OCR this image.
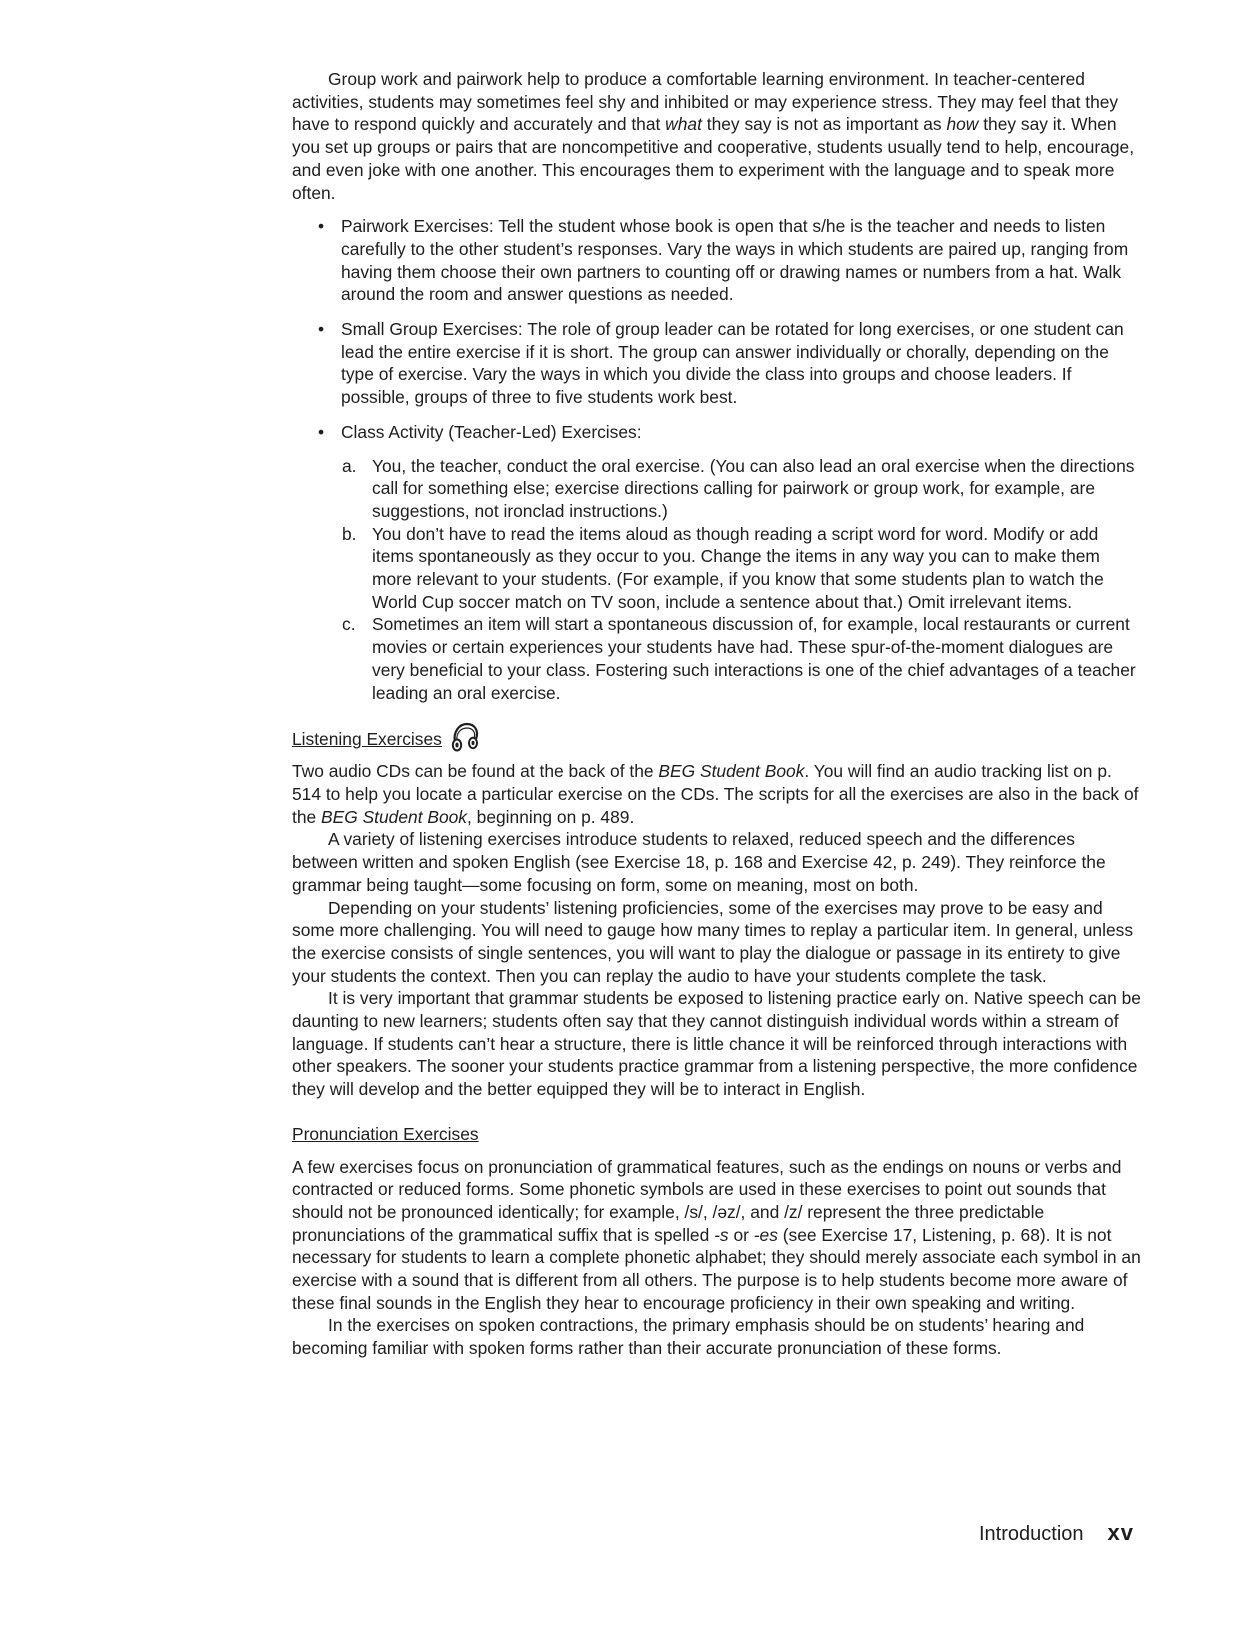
Group work and pairwork help to produce a comfortable learning environment. In teacher-centered activities, students may sometimes feel shy and inhibited or may experience stress. They may feel that they have to respond quickly and accurately and that what they say is not as important as how they say it. When you set up groups or pairs that are noncompetitive and cooperative, students usually tend to help, encourage, and even joke with one another. This encourages them to experiment with the language and to speak more often.

• Pairwork Exercises: Tell the student whose book is open that s/he is the teacher and needs to listen carefully to the other student’s responses. Vary the ways in which students are paired up, ranging from having them choose their own partners to counting off or drawing names or numbers from a hat. Walk around the room and answer questions as needed.
• Small Group Exercises: The role of group leader can be rotated for long exercises, or one student can lead the entire exercise if it is short. The group can answer individually or chorally, depending on the type of exercise. Vary the ways in which you divide the class into groups and choose leaders. If possible, groups of three to five students work best.
• Class Activity (Teacher-Led) Exercises:
a. You, the teacher, conduct the oral exercise. (You can also lead an oral exercise when the directions call for something else; exercise directions calling for pairwork or group work, for example, are suggestions, not ironclad instructions.)
b. You don’t have to read the items aloud as though reading a script word for word. Modify or add items spontaneously as they occur to you. Change the items in any way you can to make them more relevant to your students. (For example, if you know that some students plan to watch the World Cup soccer match on TV soon, include a sentence about that.) Omit irrelevant items.
c. Sometimes an item will start a spontaneous discussion of, for example, local restaurants or current movies or certain experiences your students have had. These spur-of-the-moment dialogues are very beneficial to your class. Fostering such interactions is one of the chief advantages of a teacher leading an oral exercise.
Listening Exercises

Two audio CDs can be found at the back of the BEG Student Book. You will find an audio tracking list on p. 514 to help you locate a particular exercise on the CDs. The scripts for all the exercises are also in the back of the BEG Student Book, beginning on p. 489.

A variety of listening exercises introduce students to relaxed, reduced speech and the differences between written and spoken English (see Exercise 18, p. 168 and Exercise 42, p. 249). They reinforce the grammar being taught—some focusing on form, some on meaning, most on both.

Depending on your students’ listening proficiencies, some of the exercises may prove to be easy and some more challenging. You will need to gauge how many times to replay a particular item. In general, unless the exercise consists of single sentences, you will want to play the dialogue or passage in its entirety to give your students the context. Then you can replay the audio to have your students complete the task.

It is very important that grammar students be exposed to listening practice early on. Native speech can be daunting to new learners; students often say that they cannot distinguish individual words within a stream of language. If students can’t hear a structure, there is little chance it will be reinforced through interactions with other speakers. The sooner your students practice grammar from a listening perspective, the more confidence they will develop and the better equipped they will be to interact in English.

Pronunciation Exercises

A few exercises focus on pronunciation of grammatical features, such as the endings on nouns or verbs and contracted or reduced forms. Some phonetic symbols are used in these exercises to point out sounds that should not be pronounced identically; for example, /s/, /əz/, and /z/ represent the three predictable pronunciations of the grammatical suffix that is spelled -s or -es (see Exercise 17, Listening, p. 68). It is not necessary for students to learn a complete phonetic alphabet; they should merely associate each symbol in an exercise with a sound that is different from all others. The purpose is to help students become more aware of these final sounds in the English they hear to encourage proficiency in their own speaking and writing.

In the exercises on spoken contractions, the primary emphasis should be on students’ hearing and becoming familiar with spoken forms rather than their accurate pronunciation of these forms.

Introduction xv
